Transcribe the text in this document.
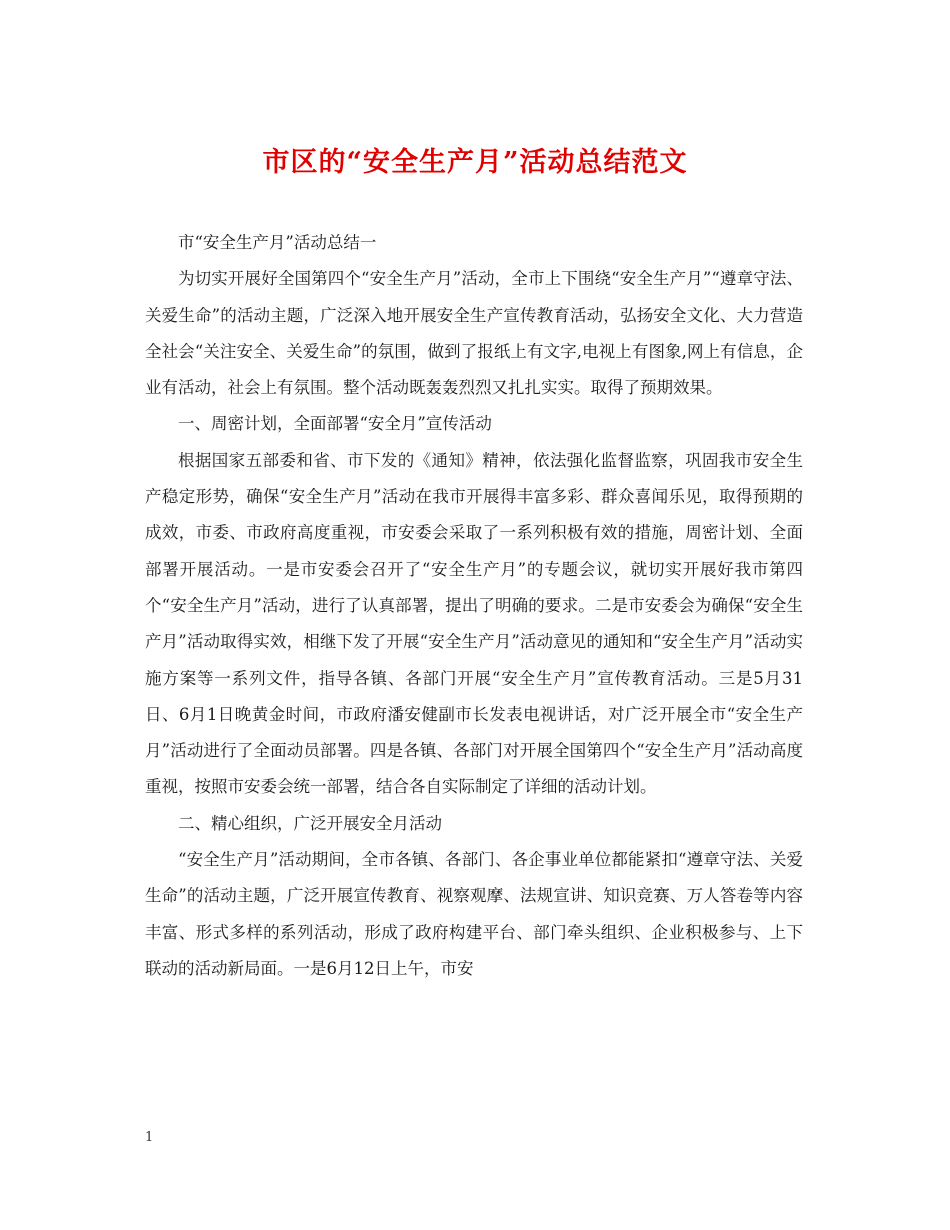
市区的“安全生产月”活动总结范文

市“安全生产月”活动总结一

为切实开展好全国第四个“安全生产月”活动，全市上下围绕“安全生产月”“遵章守法、关爱生命”的活动主题，广泛深入地开展安全生产宣传教育活动，弘扬安全文化、大力营造全社会“关注安全、关爱生命”的氛围，做到了报纸上有文字,电视上有图象,网上有信息，企业有活动，社会上有氛围。整个活动既轰轰烈烈又扎扎实实。取得了预期效果。

一、周密计划，全面部署“安全月”宣传活动

根据国家五部委和省、市下发的《通知》精神，依法强化监督监察，巩固我市安全生产稳定形势，确保“安全生产月”活动在我市开展得丰富多彩、群众喜闻乐见，取得预期的成效，市委、市政府高度重视，市安委会采取了一系列积极有效的措施，周密计划、全面部署开展活动。一是市安委会召开了“安全生产月”的专题会议，就切实开展好我市第四个“安全生产月”活动，进行了认真部署，提出了明确的要求。二是市安委会为确保“安全生产月”活动取得实效，相继下发了开展“安全生产月”活动意见的通知和“安全生产月”活动实施方案等一系列文件，指导各镇、各部门开展“安全生产月”宣传教育活动。三是5月31日、6月1日晚黄金时间，市政府潘安健副市长发表电视讲话，对广泛开展全市“安全生产月”活动进行了全面动员部署。四是各镇、各部门对开展全国第四个“安全生产月”活动高度重视，按照市安委会统一部署，结合各自实际制定了详细的活动计划。

二、精心组织，广泛开展安全月活动

“安全生产月”活动期间，全市各镇、各部门、各企事业单位都能紧扣“遵章守法、关爱生命”的活动主题，广泛开展宣传教育、视察观摩、法规宣讲、知识竞赛、万人答卷等内容丰富、形式多样的系列活动，形成了政府构建平台、部门牵头组织、企业积极参与、上下联动的活动新局面。一是6月12日上午，市安

1
